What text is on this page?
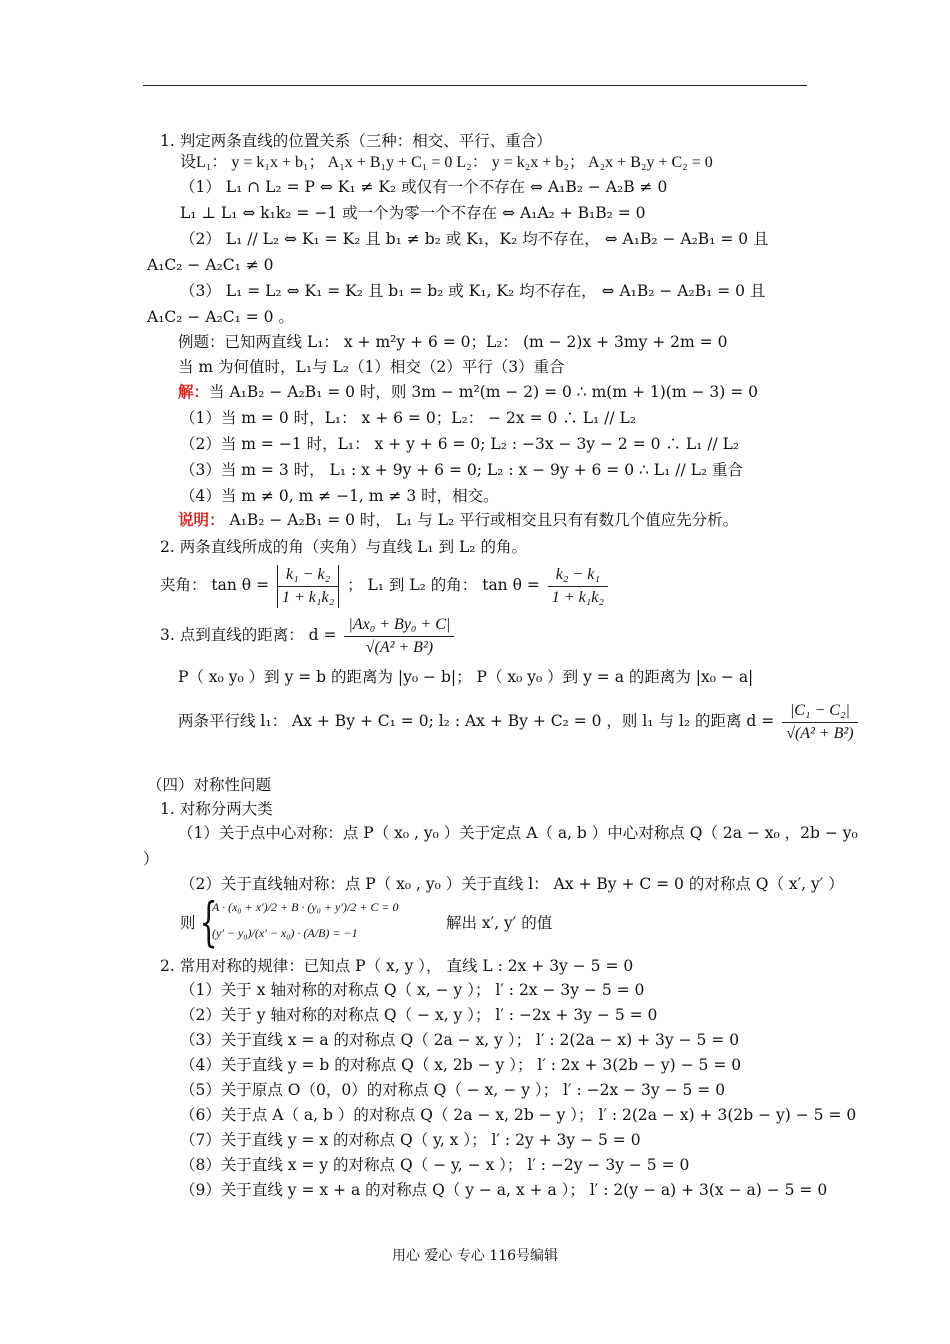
1. 判定两条直线的位置关系（三种：相交、平行、重合）
设L₁： y = k₁x + b₁； A₁x + B₁y + C₁ = 0 L₂： y = k₂x + b₂； A₂x + B₂y + C₂ = 0
（1） L₁ ∩ L₂ = P ⇔ K₁ ≠ K₂ 或仅有一个不存在 ⇔ A₁B₂ − A₂B ≠ 0
L₁ ⊥ L₁ ⇔ k₁k₂ = −1 或一个为零一个不存在 ⇔ A₁A₂ + B₁B₂ = 0
（2） L₁ // L₂ ⇔ K₁ = K₂ 且 b₁ ≠ b₂ 或 K₁，K₂ 均不存在， ⇔ A₁B₂ − A₂B₁ = 0 且
A₁C₂ − A₂C₁ ≠ 0
（3） L₁ = L₂ ⇔ K₁ = K₂ 且 b₁ = b₂ 或 K₁, K₂ 均不存在， ⇔ A₁B₂ − A₂B₁ = 0 且
A₁C₂ − A₂C₁ = 0 。
例题：已知两直线 L₁： x + m²y + 6 = 0；L₂： (m − 2)x + 3my + 2m = 0
当 m 为何值时，L₁与 L₂（1）相交（2）平行（3）重合
解：当 A₁B₂ − A₂B₁ = 0 时，则 3m − m²(m − 2) = 0 ∴ m(m + 1)(m − 3) = 0
（1）当 m = 0 时，L₁： x + 6 = 0；L₂： − 2x = 0 ∴ L₁ // L₂
（2）当 m = −1 时，L₁： x + y + 6 = 0; L₂ : −3x − 3y − 2 = 0 ∴ L₁ // L₂
（3）当 m = 3 时， L₁ : x + 9y + 6 = 0; L₂ : x − 9y + 6 = 0 ∴ L₁ // L₂ 重合
（4）当 m ≠ 0, m ≠ −1, m ≠ 3 时，相交。
说明： A₁B₂ − A₂B₁ = 0 时， L₁ 与 L₂ 平行或相交且只有有数几个值应先分析。
2. 两条直线所成的角（夹角）与直线 L₁ 到 L₂ 的角。
夹角： $\tan \theta = \frac{\text{k₁ − k₂}}{\text{1 + k₁k₂}}$ ； L₁ 到 L₂ 的角： $\tan \theta = \frac{\text{k₂ − k₁}}{\text{1 + k₁k₂}}$
3. 点到直线的距离： $d = \frac{\text{|Ax₀ + By₀ + C|}}{\text{√(A² + B²)}}$
P（ x₀ y₀ ）到 y = b 的距离为 |y₀ − b|； P（ x₀ y₀ ）到 y = a 的距离为 |x₀ − a|
两条平行线 l₁： Ax + By + C₁ = 0; l₂ : Ax + By + C₂ = 0 ，则 l₁ 与 l₂ 的距离 $d = \frac{\text{|C₁ − C₂|}}{\text{√(A² + B²)}}$
（四）对称性问题
1. 对称分两大类
（1）关于点中心对称：点 P（ x₀ , y₀ ）关于定点 A（ a, b ）中心对称点 Q（ 2a − x₀ ，2b − y₀
）
（2）关于直线轴对称：点 P（ x₀ , y₀ ）关于直线 l： Ax + By + C = 0 的对称点 Q（ x′, y′ ）
则 {
A · (x₀ + x′)/2 + B · (y₀ + y′)/2 + C = 0
(y′ − y₀)/(x′ − x₀) · (A/B) = −1
解出 x′, y′ 的值
2. 常用对称的规律：已知点 P（ x, y ）， 直线 L : 2x + 3y − 5 = 0
（1）关于 x 轴对称的对称点 Q（ x, − y ）； l′ : 2x − 3y − 5 = 0
（2）关于 y 轴对称的对称点 Q（ − x, y ）； l′ : −2x + 3y − 5 = 0
（3）关于直线 x = a 的对称点 Q（ 2a − x, y ）； l′ : 2(2a − x) + 3y − 5 = 0
（4）关于直线 y = b 的对称点 Q（ x, 2b − y ）； l′ : 2x + 3(2b − y) − 5 = 0
（5）关于原点 O（0，0）的对称点 Q（ − x, − y ）； l′ : −2x − 3y − 5 = 0
（6）关于点 A（ a, b ）的对称点 Q（ 2a − x, 2b − y ）； l′ : 2(2a − x) + 3(2b − y) − 5 = 0
（7）关于直线 y = x 的对称点 Q（ y, x ）； l′ : 2y + 3y − 5 = 0
（8）关于直线 x = y 的对称点 Q（ − y, − x ）； l′ : −2y − 3y − 5 = 0
（9）关于直线 y = x + a 的对称点 Q（ y − a, x + a ）； l′ : 2(y − a) + 3(x − a) − 5 = 0
用心 爱心 专心 116号编辑
